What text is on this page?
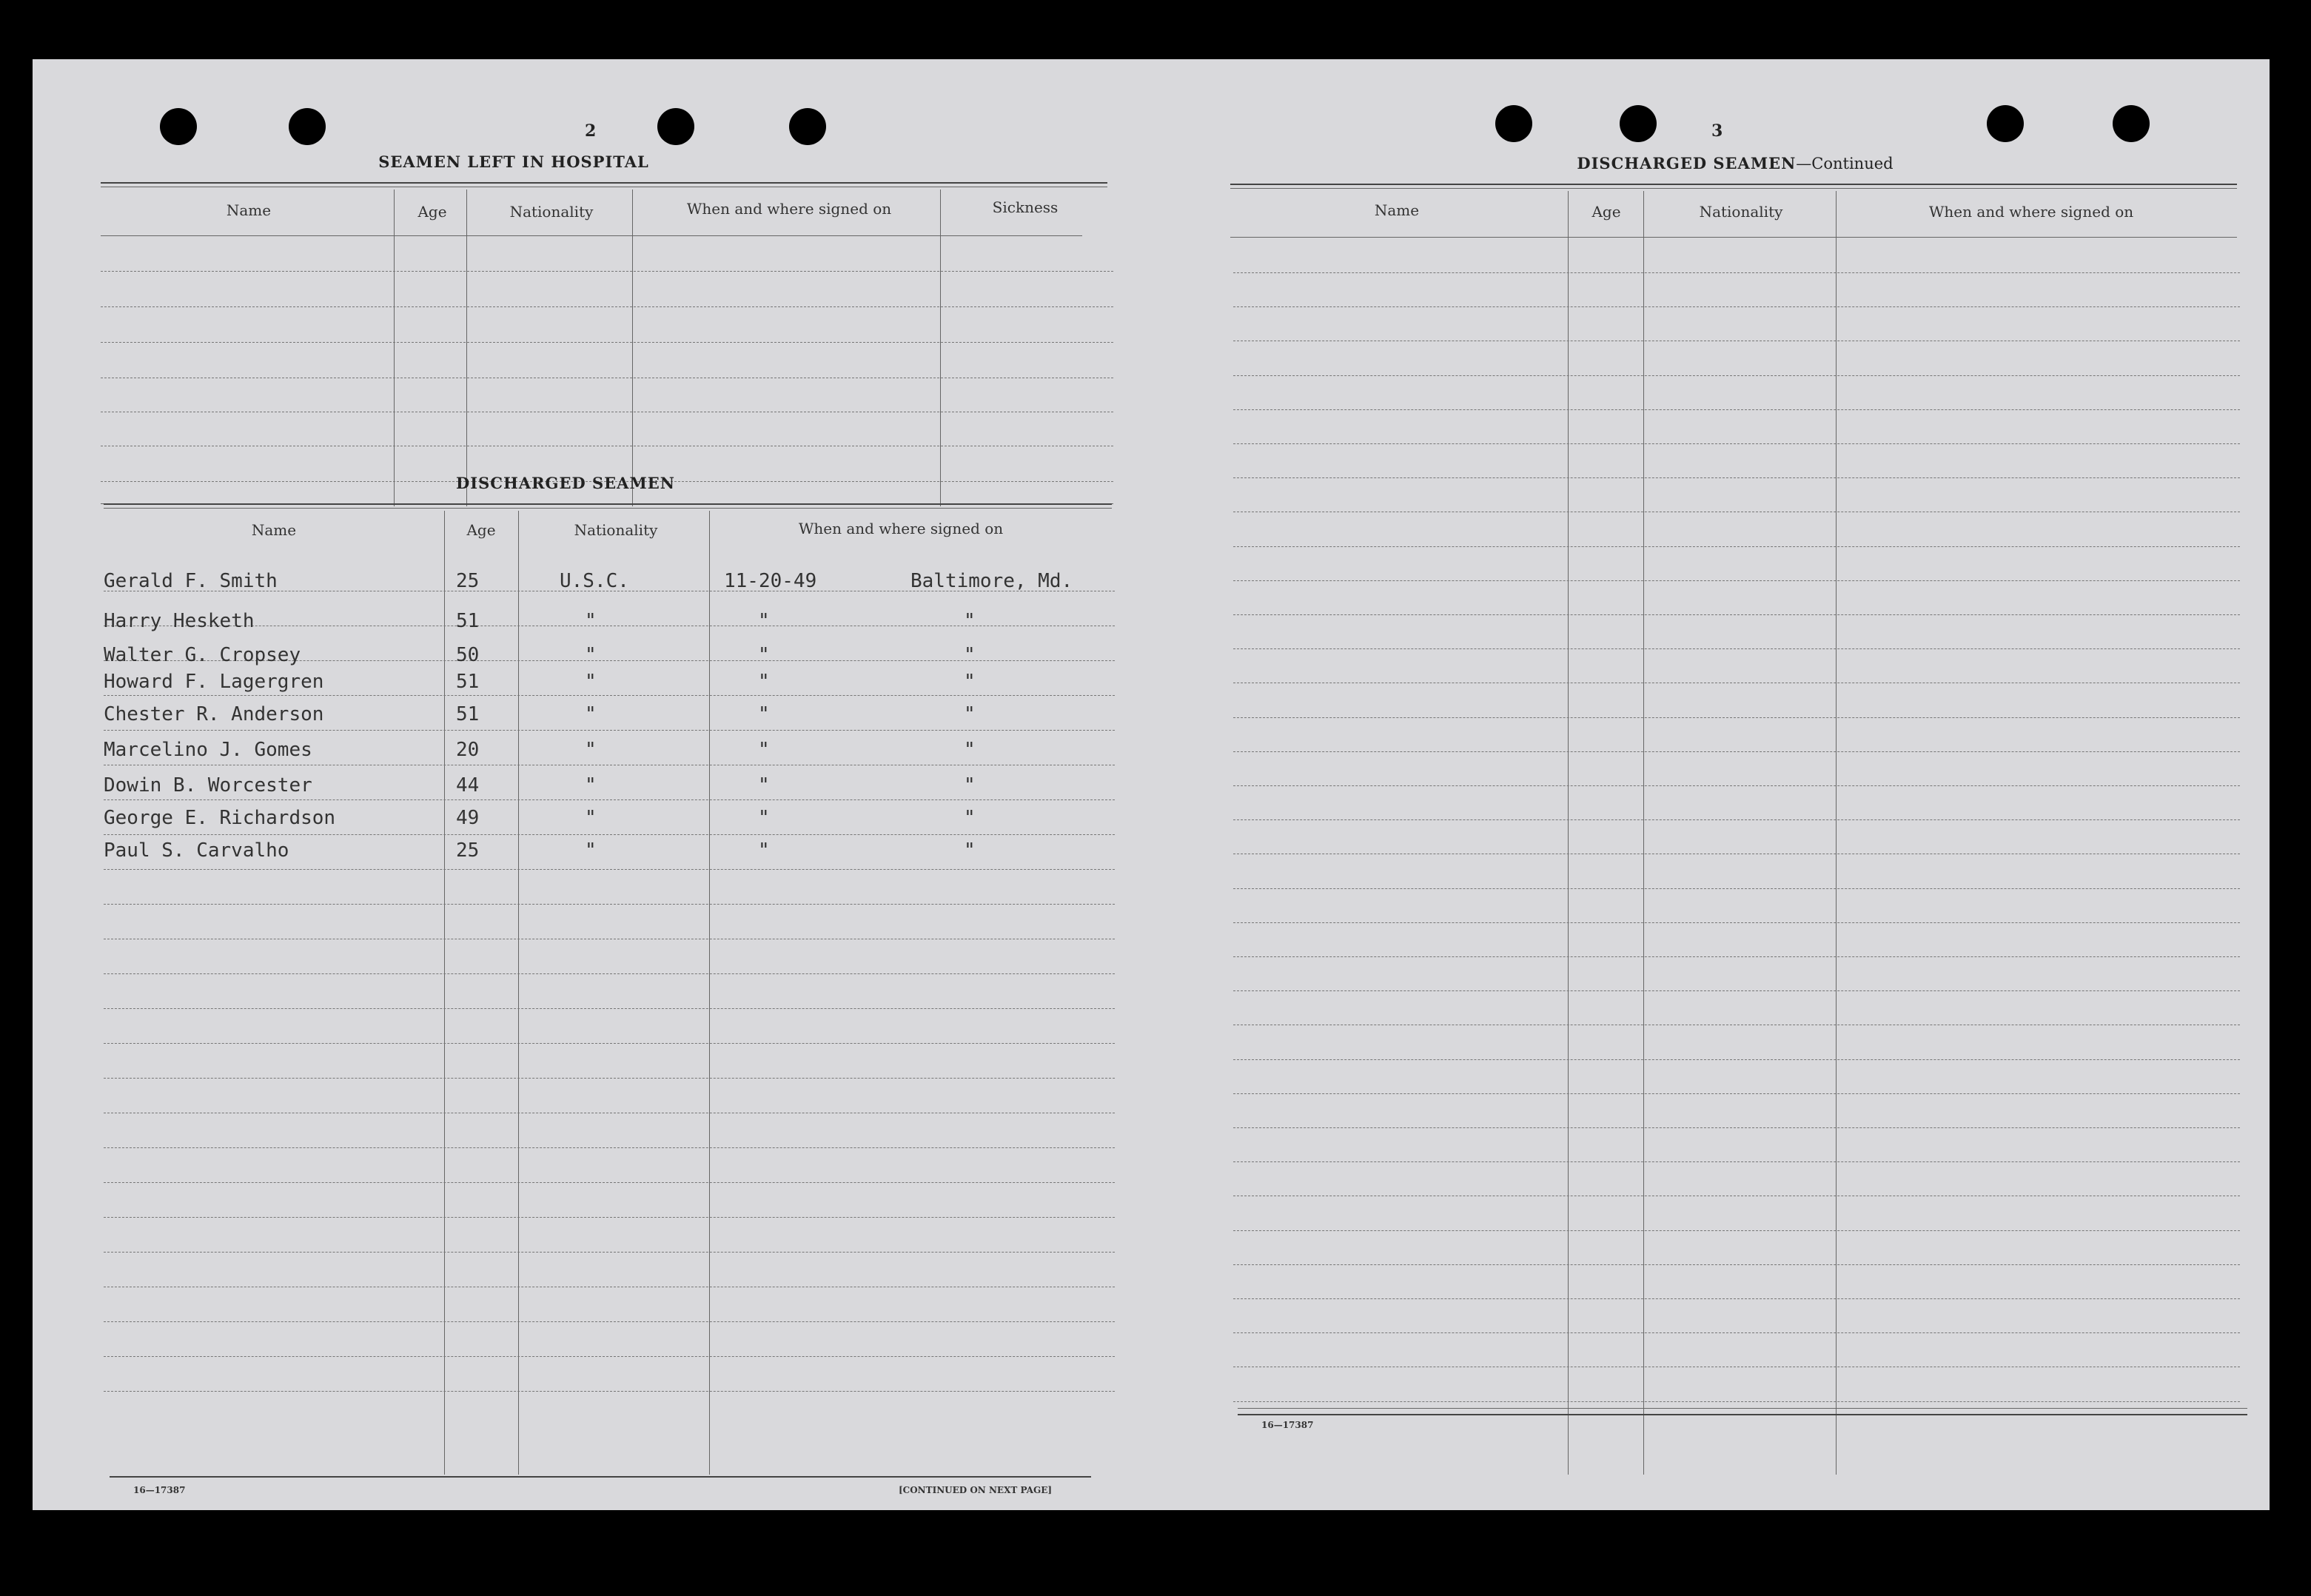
2
SEAMEN LEFT IN HOSPITAL
Name	Age	Nationality	When and where signed on	Sickness
DISCHARGED SEAMEN
Name	Age	Nationality	When and where signed on
Gerald F. Smith	25	U.S.C.	11-20-49	Baltimore, Md.
Harry Hesketh	51	"	"	"
Walter G. Cropsey	50	"	"	"
Howard F. Lagergren	51	"	"	"
Chester R. Anderson	51	"	"	"
Marcelino J. Gomes	20	"	"	"
Dowin B. Worcester	44	"	"	"
George E. Richardson	49	"	"	"
Paul S. Carvalho	25	"	"	"
16—17387	[CONTINUED ON NEXT PAGE]
3
DISCHARGED SEAMEN—Continued
Name	Age	Nationality	When and where signed on
16—17387
